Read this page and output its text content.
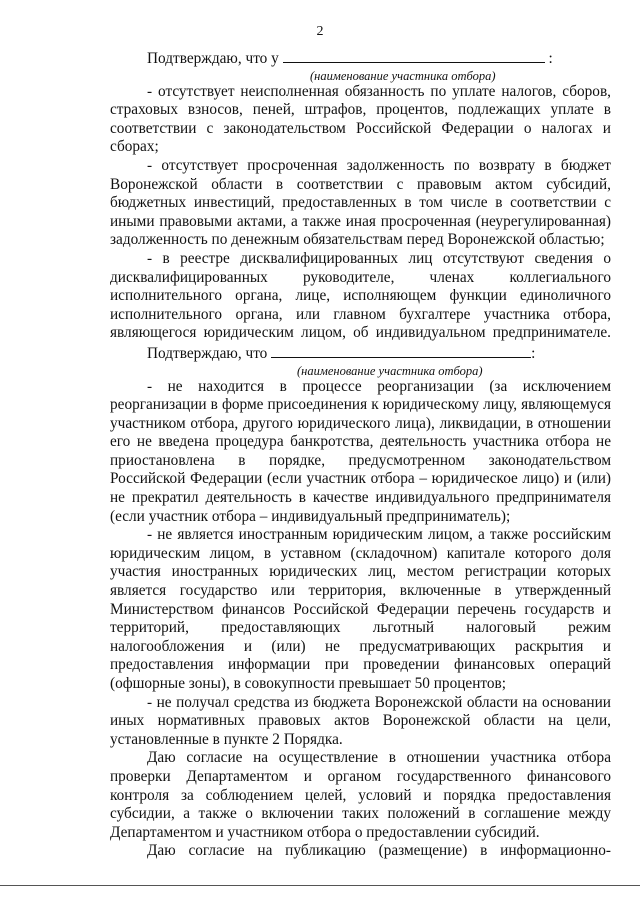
2

Подтверждаю, что у	:

(наименование участника отбора)

- отсутствует неисполненная обязанность по уплате налогов, сборов, страховых взносов, пеней, штрафов, процентов, подлежащих уплате в соответствии с законодательством Российской Федерации о налогах и сборах;

- отсутствует просроченная задолженность по возврату в бюджет Воронежской области в соответствии с правовым актом субсидий, бюджетных инвестиций, предоставленных в том числе в соответствии с иными правовыми актами, а также иная просроченная (неурегулированная) задолженность по денежным обязательствам перед Воронежской областью;

- в реестре дисквалифицированных лиц отсутствуют сведения о дисквалифицированных руководителе, членах коллегиального исполнительного органа, лице, исполняющем функции единоличного исполнительного органа, или главном бухгалтере участника отбора, являющегося юридическим лицом, об индивидуальном предпринимателе.

Подтверждаю, что	:

(наименование участника отбора)

- не находится в процессе реорганизации (за исключением реорганизации в форме присоединения к юридическому лицу, являющемуся участником отбора, другого юридического лица), ликвидации, в отношении его не введена процедура банкротства, деятельность участника отбора не приостановлена в порядке, предусмотренном законодательством Российской Федерации (если участник отбора – юридическое лицо) и (или) не прекратил деятельность в качестве индивидуального предпринимателя (если участник отбора – индивидуальный предприниматель);

- не является иностранным юридическим лицом, а также российским юридическим лицом, в уставном (складочном) капитале которого доля участия иностранных юридических лиц, местом регистрации которых является государство или территория, включенные в утвержденный Министерством финансов Российской Федерации перечень государств и территорий, предоставляющих льготный налоговый режим налогообложения и (или) не предусматривающих раскрытия и предоставления информации при проведении финансовых операций (офшорные зоны), в совокупности превышает 50 процентов;

- не получал средства из бюджета Воронежской области на основании иных нормативных правовых актов Воронежской области на цели, установленные в пункте 2 Порядка.

Даю согласие на осуществление в отношении участника отбора проверки Департаментом и органом государственного финансового контроля за соблюдением целей, условий и порядка предоставления субсидии, а также о включении таких положений в соглашение между Департаментом и участником отбора о предоставлении субсидий.

Даю согласие на публикацию (размещение) в информационно-
